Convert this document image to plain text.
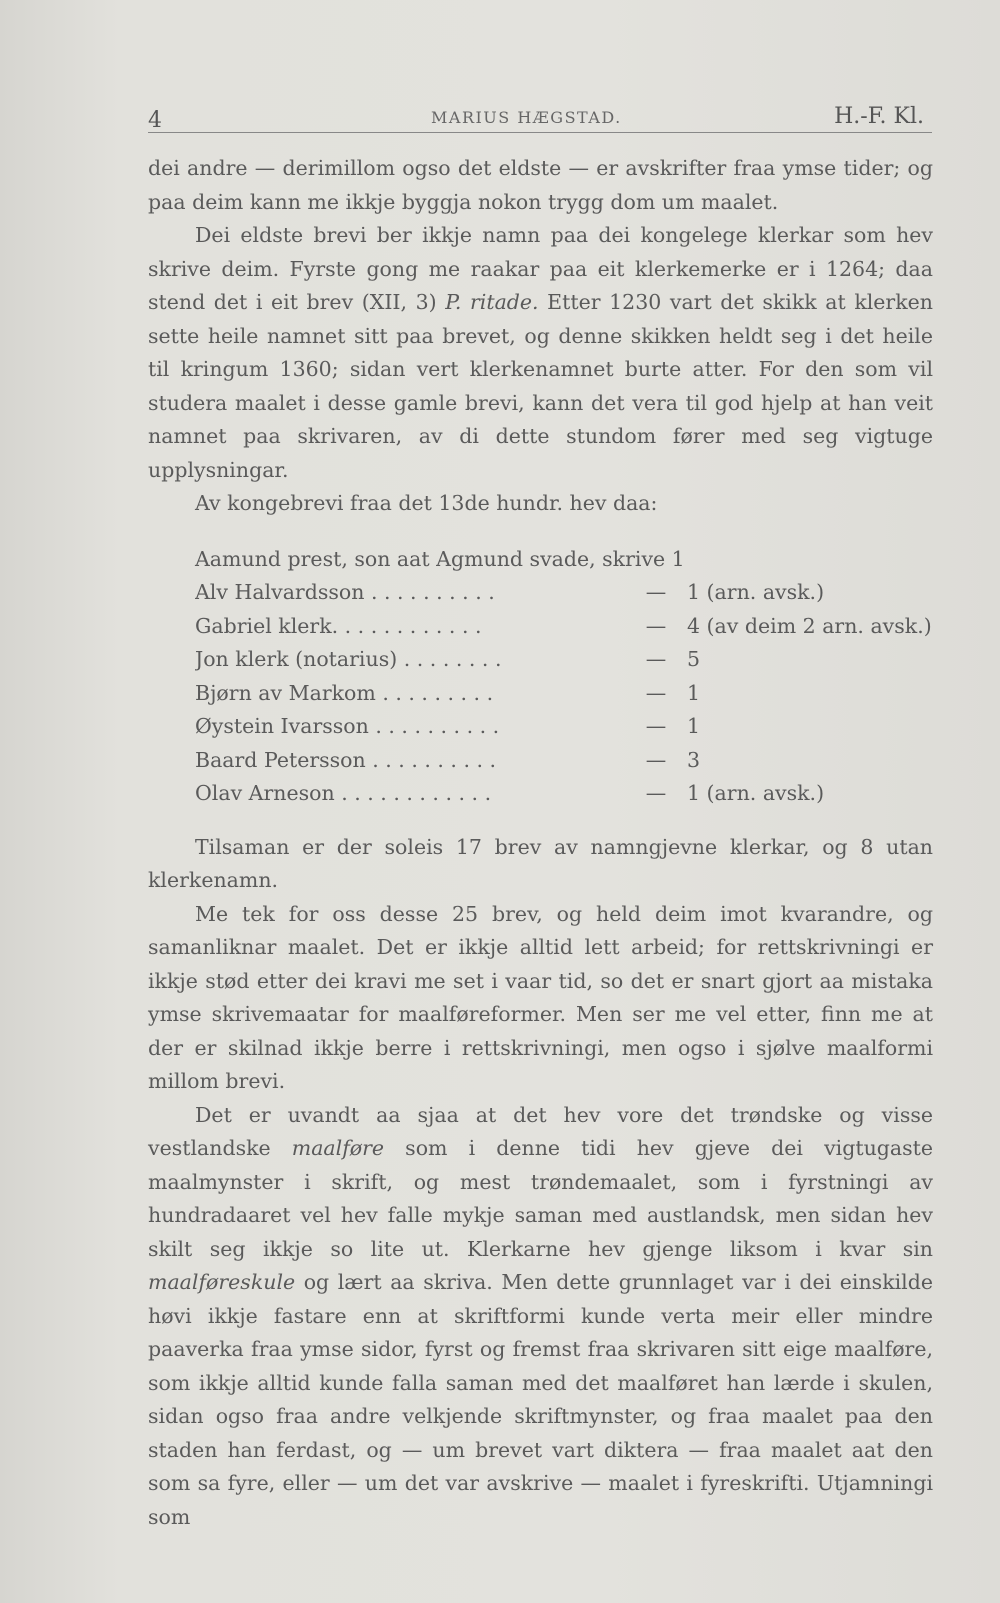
4	MARIUS HÆGSTAD.	H.-F. Kl.

dei andre — derimillom ogso det eldste — er avskrifter fraa ymse tider; og paa deim kann me ikkje byggja nokon trygg dom um maalet.

Dei eldste brevi ber ikkje namn paa dei kongelege klerkar som hev skrive deim. Fyrste gong me raakar paa eit klerkemerke er i 1264; daa stend det i eit brev (XII, 3) P. ritade. Etter 1230 vart det skikk at klerken sette heile namnet sitt paa brevet, og denne skikken heldt seg i det heile til kringum 1360; sidan vert klerkenamnet burte atter. For den som vil studera maalet i desse gamle brevi, kann det vera til god hjelp at han veit namnet paa skrivaren, av di dette stundom fører med seg vigtuge upplysningar.

Av kongebrevi fraa det 13de hundr. hev daa:

Aamund prest, son aat Agmund svade, skrive 1
Alv Halvardsson . . . . . . . . . .	—	1 (arn. avsk.)
Gabriel klerk. . . . . . . . . . . .	—	4 (av deim 2 arn. avsk.)
Jon klerk (notarius) . . . . . . . .	—	5
Bjørn av Markom . . . . . . . . .	—	1
Øystein Ivarsson . . . . . . . . . .	—	1
Baard Petersson . . . . . . . . . .	—	3
Olav Arneson . . . . . . . . . . . .	—	1 (arn. avsk.)

Tilsaman er der soleis 17 brev av namngjevne klerkar, og 8 utan klerkenamn.

Me tek for oss desse 25 brev, og held deim imot kvarandre, og samanliknar maalet. Det er ikkje alltid lett arbeid; for rettskrivningi er ikkje stød etter dei kravi me set i vaar tid, so det er snart gjort aa mistaka ymse skrivemaatar for maalføreformer. Men ser me vel etter, finn me at der er skilnad ikkje berre i rettskrivningi, men ogso i sjølve maalformi millom brevi.

Det er uvandt aa sjaa at det hev vore det trøndske og visse vestlandske maalføre som i denne tidi hev gjeve dei vigtugaste maalmynster i skrift, og mest trøndemaalet, som i fyrstningi av hundradaaret vel hev falle mykje saman med austlandsk, men sidan hev skilt seg ikkje so lite ut. Klerkarne hev gjenge liksom i kvar sin maalføreskule og lært aa skriva. Men dette grunnlaget var i dei einskilde høvi ikkje fastare enn at skriftformi kunde verta meir eller mindre paaverka fraa ymse sidor, fyrst og fremst fraa skrivaren sitt eige maalføre, som ikkje alltid kunde falla saman med det maalføret han lærde i skulen, sidan ogso fraa andre velkjende skriftmynster, og fraa maalet paa den staden han ferdast, og — um brevet vart diktera — fraa maalet aat den som sa fyre, eller — um det var avskrive — maalet i fyreskrifti. Utjamningi som
